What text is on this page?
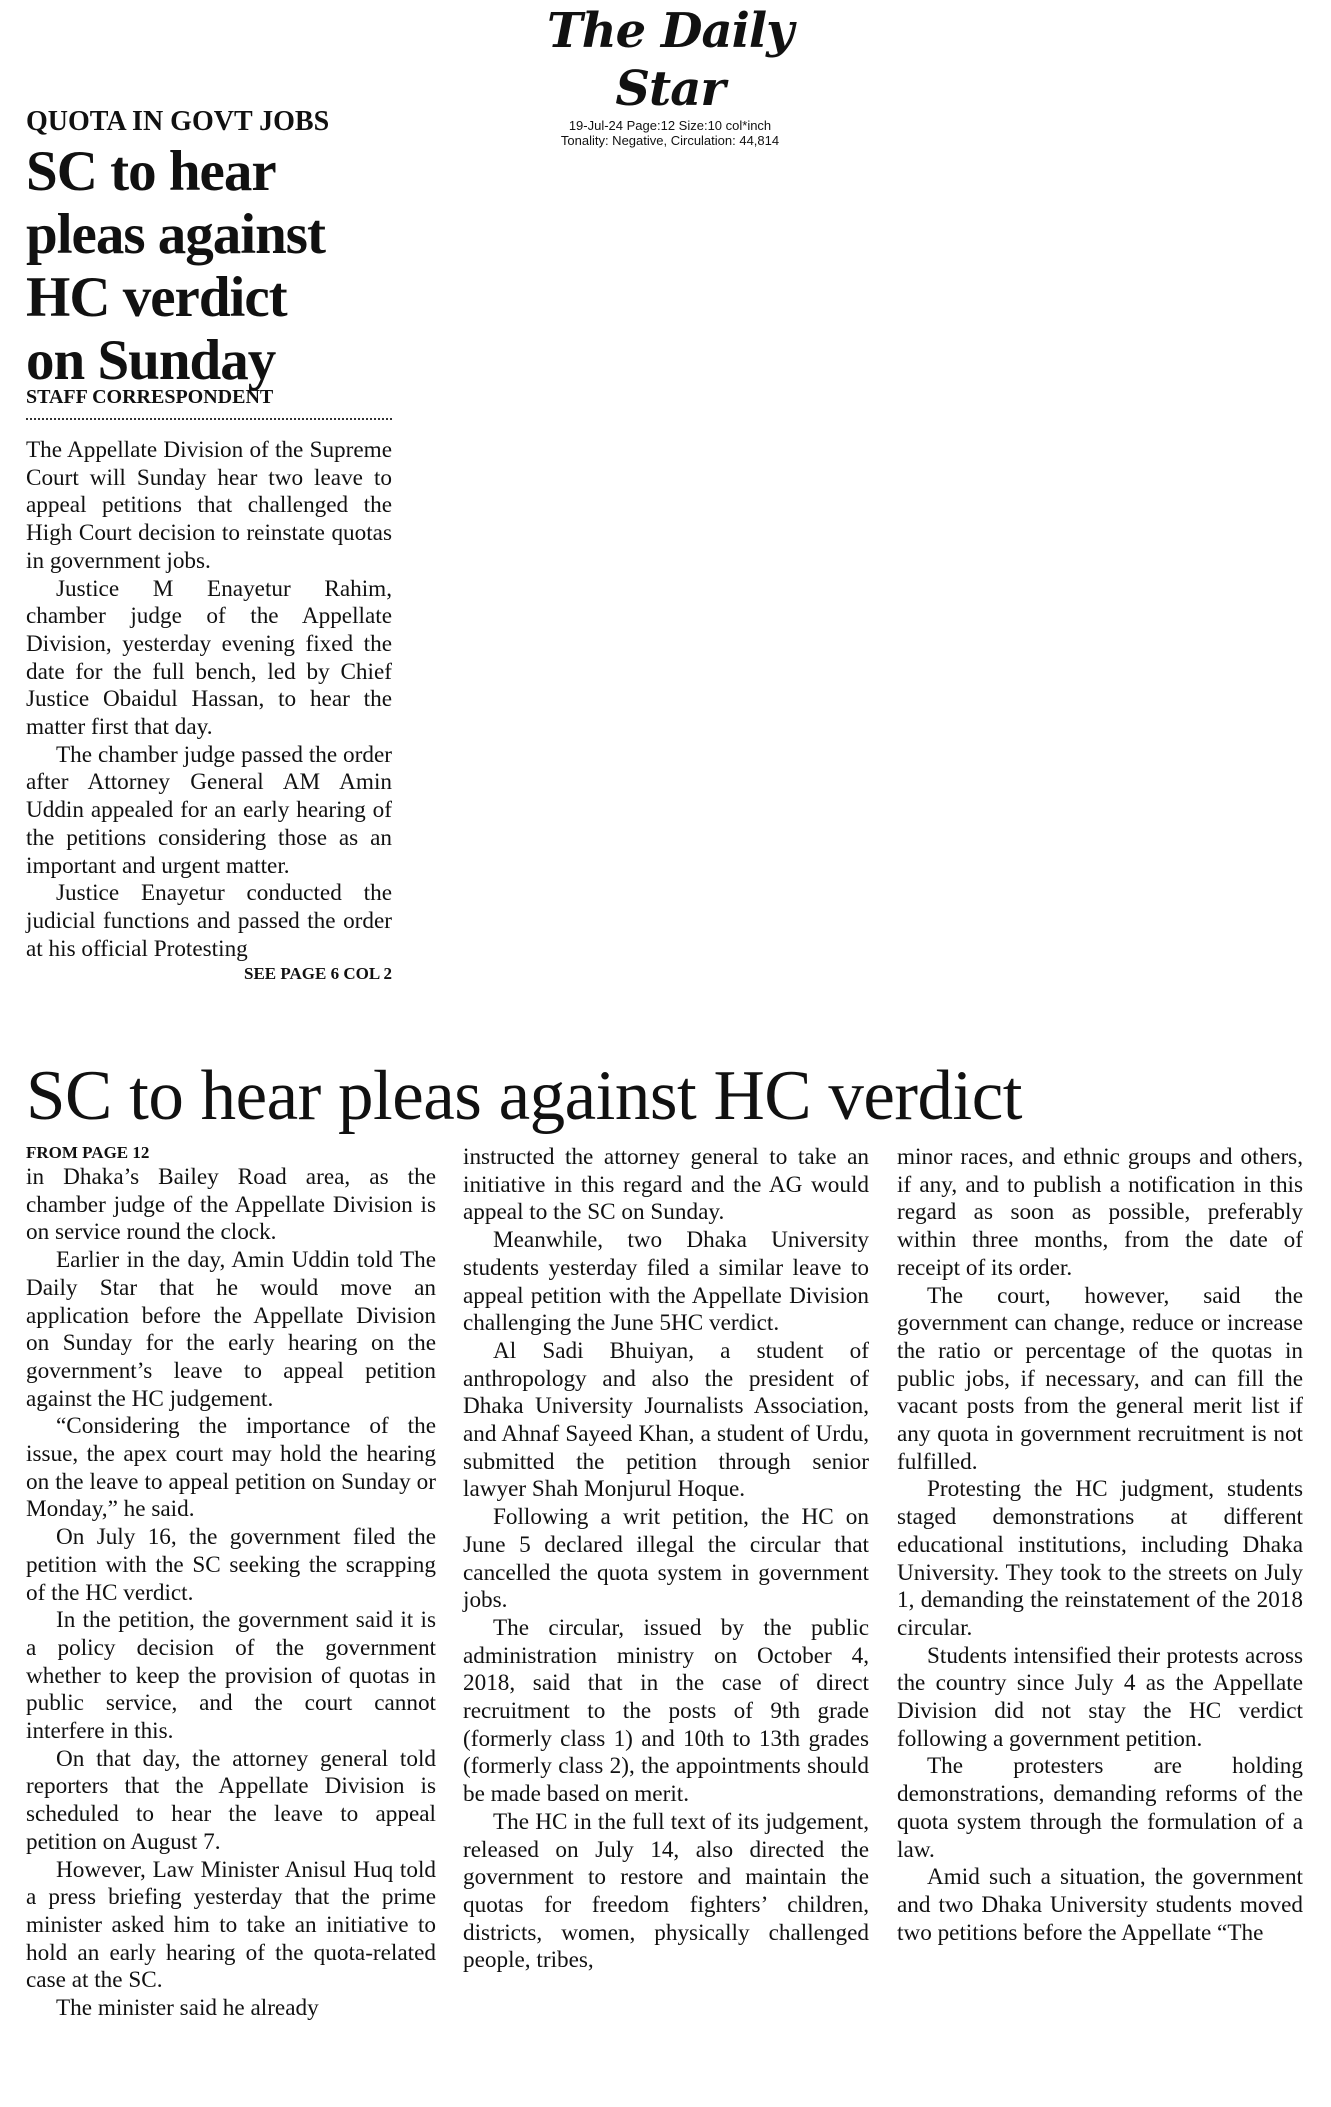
The Daily Star
19-Jul-24 Page:12 Size:10 col*inch
Tonality: Negative, Circulation: 44,814
QUOTA IN GOVT JOBS
SC to hear
pleas against
HC verdict
on Sunday
STAFF CORRESPONDENT

The Appellate Division of the Supreme Court will Sunday hear two leave to appeal petitions that challenged the High Court decision to reinstate quotas in government jobs.

Justice M Enayetur Rahim, chamber judge of the Appellate Division, yesterday evening fixed the date for the full bench, led by Chief Justice Obaidul Hassan, to hear the matter first that day.

The chamber judge passed the order after Attorney General AM Amin Uddin appealed for an early hearing of the petitions considering those as an important and urgent matter.

Justice Enayetur conducted the judicial functions and passed the order at his official Protesting

SEE PAGE 6 COL 2
SC to hear pleas against HC verdict
FROM PAGE 12

in Dhaka’s Bailey Road area, as the chamber judge of the Appellate Division is on service round the clock.

Earlier in the day, Amin Uddin told The Daily Star that he would move an application before the Appellate Division on Sunday for the early hearing on the government’s leave to appeal petition against the HC judgement.

“Considering the importance of the issue, the apex court may hold the hearing on the leave to appeal petition on Sunday or Monday,” he said.

On July 16, the government filed the petition with the SC seeking the scrapping of the HC verdict.

In the petition, the government said it is a policy decision of the government whether to keep the provision of quotas in public service, and the court cannot interfere in this.

On that day, the attorney general told reporters that the Appellate Division is scheduled to hear the leave to appeal petition on August 7.

However, Law Minister Anisul Huq told a press briefing yesterday that the prime minister asked him to take an initiative to hold an early hearing of the quota-related case at the SC.

The minister said he already

instructed the attorney general to take an initiative in this regard and the AG would appeal to the SC on Sunday.

Meanwhile, two Dhaka University students yesterday filed a similar leave to appeal petition with the Appellate Division challenging the June 5HC verdict.

Al Sadi Bhuiyan, a student of anthropology and also the president of Dhaka University Journalists Association, and Ahnaf Sayeed Khan, a student of Urdu, submitted the petition through senior lawyer Shah Monjurul Hoque.

Following a writ petition, the HC on June 5 declared illegal the circular that cancelled the quota system in government jobs.

The circular, issued by the public administration ministry on October 4, 2018, said that in the case of direct recruitment to the posts of 9th grade (formerly class 1) and 10th to 13th grades (formerly class 2), the appointments should be made based on merit.

The HC in the full text of its judgement, released on July 14, also directed the government to restore and maintain the quotas for freedom fighters’ children, districts, women, physically challenged people, tribes,

minor races, and ethnic groups and others, if any, and to publish a notification in this regard as soon as possible, preferably within three months, from the date of receipt of its order.

The court, however, said the government can change, reduce or increase the ratio or percentage of the quotas in public jobs, if necessary, and can fill the vacant posts from the general merit list if any quota in government recruitment is not fulfilled.

Protesting the HC judgment, students staged demonstrations at different educational institutions, including Dhaka University. They took to the streets on July 1, demanding the reinstatement of the 2018 circular.

Students intensified their protests across the country since July 4 as the Appellate Division did not stay the HC verdict following a government petition.

The protesters are holding demonstrations, demanding reforms of the quota system through the formulation of a law.

Amid such a situation, the government and two Dhaka University students moved two petitions before the Appellate “The
